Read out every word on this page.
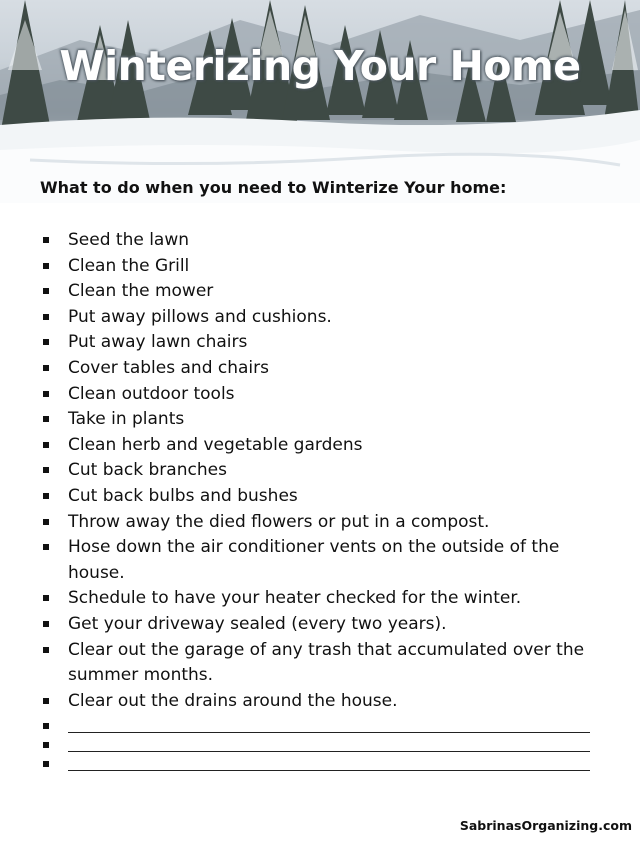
Winterizing Your Home
What to do when you need to Winterize Your home:
Seed the lawn
Clean the Grill
Clean the mower
Put away pillows and cushions.
Put away lawn chairs
Cover tables and chairs
Clean outdoor tools
Take in plants
Clean herb and vegetable gardens
Cut back branches
Cut back bulbs and bushes
Throw away the died flowers or put in a compost.
Hose down the air conditioner vents on the outside of the house.
Schedule to have your heater checked for the winter.
Get your driveway sealed (every two years).
Clear out the garage of any trash that accumulated over the summer months.
Clear out the drains around the house.
SabrinasOrganizing.com
